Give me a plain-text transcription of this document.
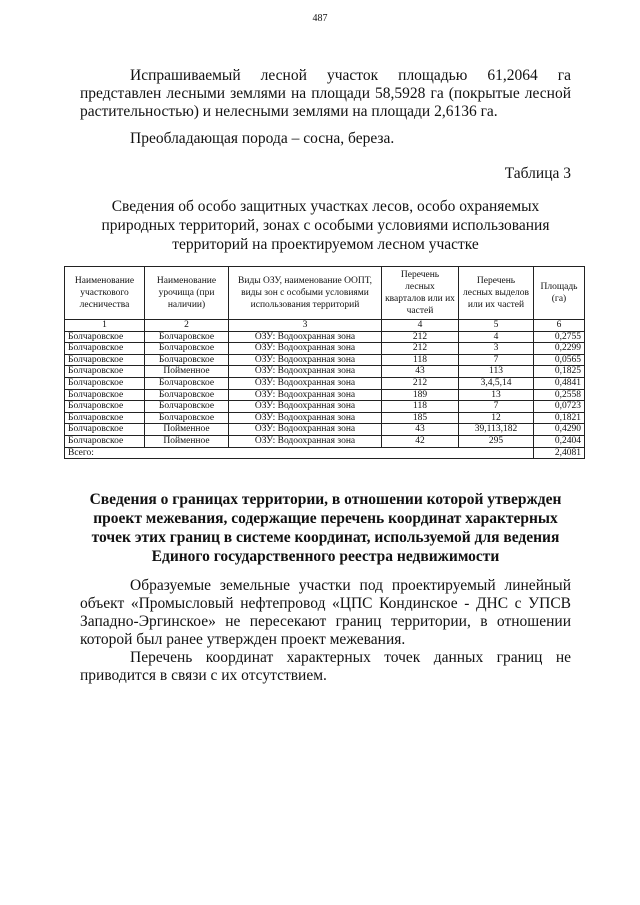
487
Испрашиваемый лесной участок площадью 61,2064 га представлен лесными землями на площади 58,5928 га (покрытые лесной растительностью) и нелесными землями на площади 2,6136 га.
Преобладающая порода – сосна, береза.
Таблица 3
Сведения об особо защитных участках лесов, особо охраняемых природных территорий, зонах с особыми условиями использования территорий на проектируемом лесном участке
Наименование участкового лесничества	Наименование урочища (при наличии)	Виды ОЗУ, наименование ООПТ, виды зон с особыми условиями использования территорий	Перечень лесных кварталов или их частей	Перечень лесных выделов или их частей	Площадь (га)
1	2	3	4	5	6
Болчаровское	Болчаровское	ОЗУ: Водоохранная зона	212	4	0,2755
Болчаровское	Болчаровское	ОЗУ: Водоохранная зона	212	3	0,2299
Болчаровское	Болчаровское	ОЗУ: Водоохранная зона	118	7	0,0565
Болчаровское	Пойменное	ОЗУ: Водоохранная зона	43	113	0,1825
Болчаровское	Болчаровское	ОЗУ: Водоохранная зона	212	3,4,5,14	0,4841
Болчаровское	Болчаровское	ОЗУ: Водоохранная зона	189	13	0,2558
Болчаровское	Болчаровское	ОЗУ: Водоохранная зона	118	7	0,0723
Болчаровское	Болчаровское	ОЗУ: Водоохранная зона	185	12	0,1821
Болчаровское	Пойменное	ОЗУ: Водоохранная зона	43	39,113,182	0,4290
Болчаровское	Пойменное	ОЗУ: Водоохранная зона	42	295	0,2404
Всего:					2,4081
Сведения о границах территории, в отношении которой утвержден проект межевания, содержащие перечень координат характерных точек этих границ в системе координат, используемой для ведения Единого государственного реестра недвижимости
Образуемые земельные участки под проектируемый линейный объект «Промысловый нефтепровод «ЦПС Кондинское - ДНС с УПСВ Западно-Эргинское» не пересекают границ территории, в отношении которой был ранее утвержден проект межевания.
Перечень координат характерных точек данных границ не приводится в связи с их отсутствием.
